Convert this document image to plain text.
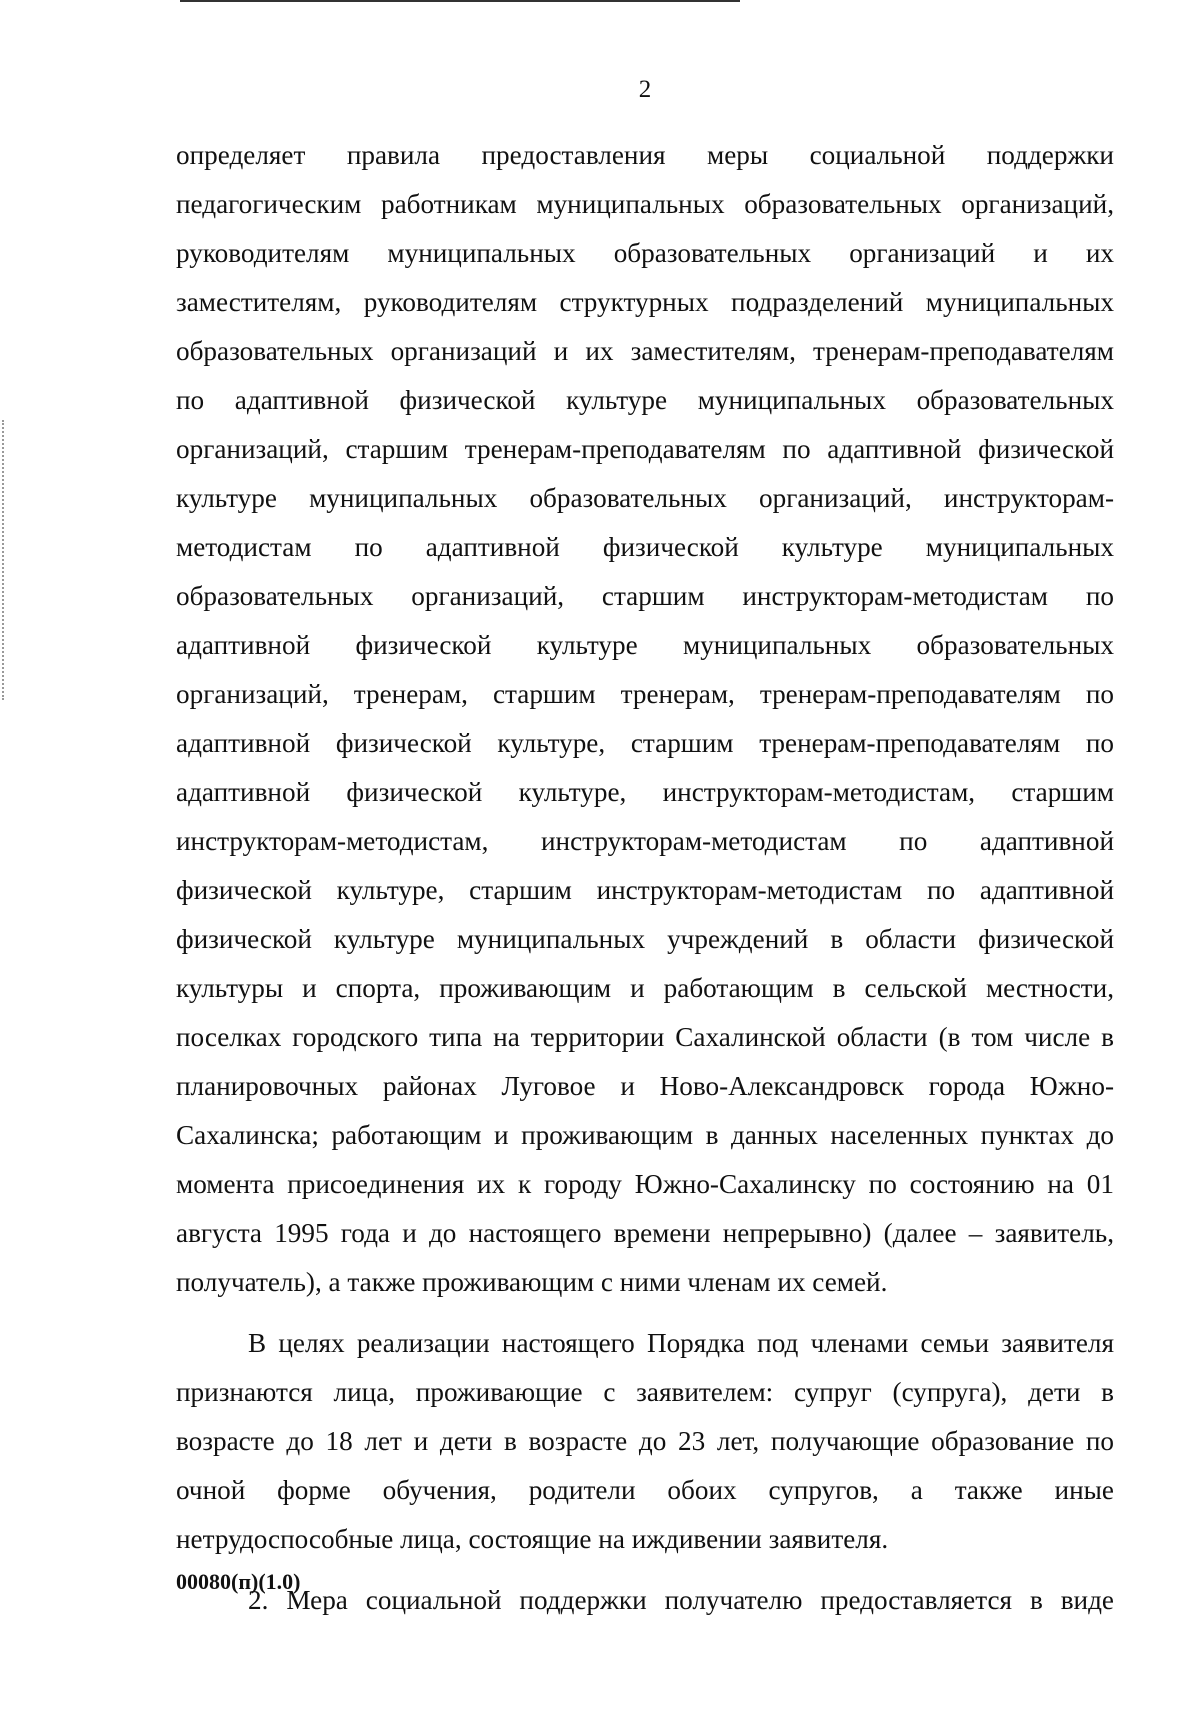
2
определяет правила предоставления меры социальной поддержки
педагогическим работникам муниципальных образовательных организаций,
руководителям муниципальных образовательных организаций и их
заместителям, руководителям структурных подразделений муниципальных
образовательных организаций и их заместителям, тренерам-преподавателям
по адаптивной физической культуре муниципальных образовательных
организаций, старшим тренерам-преподавателям по адаптивной физической
культуре муниципальных образовательных организаций, инструкторам-
методистам по адаптивной физической культуре муниципальных
образовательных организаций, старшим инструкторам-методистам по
адаптивной физической культуре муниципальных образовательных
организаций, тренерам, старшим тренерам, тренерам-преподавателям по
адаптивной физической культуре, старшим тренерам-преподавателям по
адаптивной физической культуре, инструкторам-методистам, старшим
инструкторам-методистам, инструкторам-методистам по адаптивной
физической культуре, старшим инструкторам-методистам по адаптивной
физической культуре муниципальных учреждений в области физической
культуры и спорта, проживающим и работающим в сельской местности,
поселках городского типа на территории Сахалинской области (в том числе в
планировочных районах Луговое и Ново-Александровск города Южно-
Сахалинска; работающим и проживающим в данных населенных пунктах до
момента присоединения их к городу Южно-Сахалинску по состоянию на 01
августа 1995 года и до настоящего времени непрерывно) (далее – заявитель,
получатель), а также проживающим с ними членам их семей.
В целях реализации настоящего Порядка под членами семьи заявителя
признаются лица, проживающие с заявителем: супруг (супруга), дети в
возрасте до 18 лет и дети в возрасте до 23 лет, получающие образование по
очной форме обучения, родители обоих супругов, а также иные
нетрудоспособные лица, состоящие на иждивении заявителя.
2. Мера социальной поддержки получателю предоставляется в виде
00080(п)(1.0)
